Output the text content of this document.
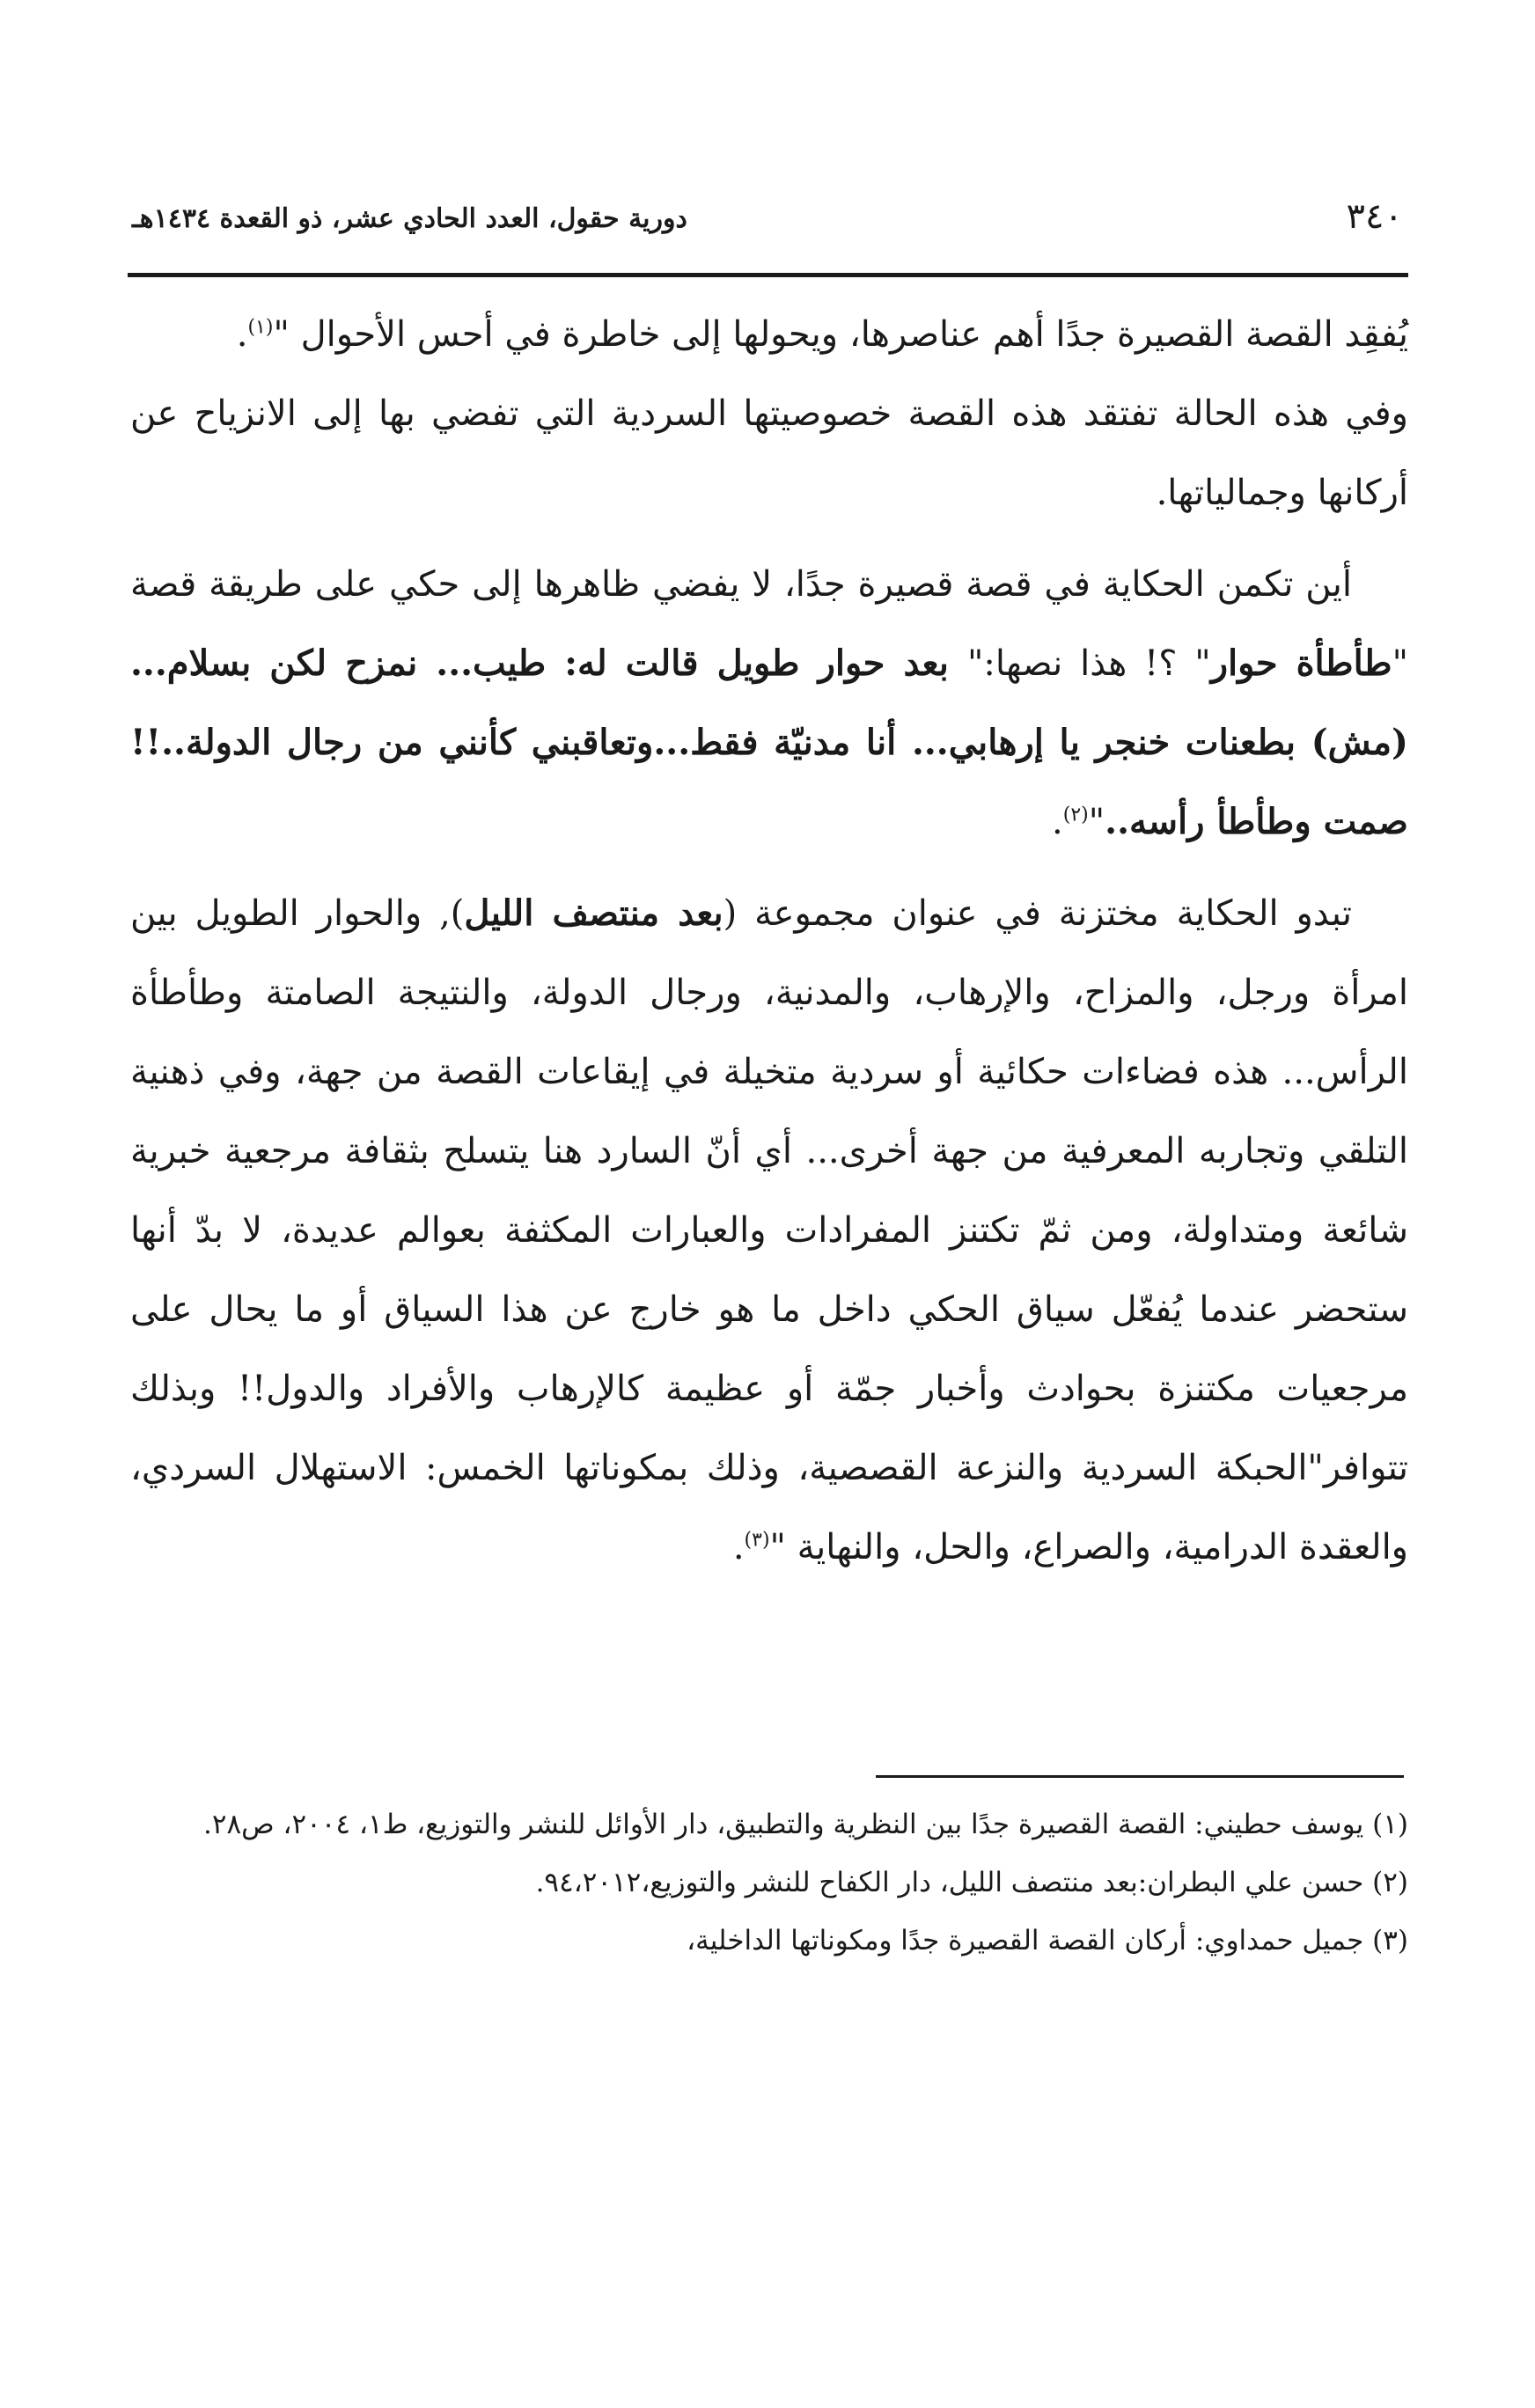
٣٤٠
دورية حقول، العدد الحادي عشر، ذو القعدة ١٤٣٤هـ

يُفقِد القصة القصيرة جدًا أهم عناصرها، ويحولها إلى خاطرة في أحس الأحوال "$^{(١)}$.
وفي هذه الحالة تفتقد هذه القصة خصوصيتها السردية التي تفضي بها إلى الانزياح عن أركانها وجمالياتها.

أين تكمن الحكاية في قصة قصيرة جدًا، لا يفضي ظاهرها إلى حكي على طريقة قصة "طأطأة حوار" ؟! هذا نصها:" بعد حوار طويل قالت له: طيب... نمزح لكن بسلام...(مش) بطعنات خنجر يا إرهابي... أنا مدنيّة فقط...وتعاقبني كأنني من رجال الدولة..!! صمت وطأطأ رأسه.."$^{(٢)}$.

تبدو الحكاية مختزنة في عنوان مجموعة (بعد منتصف الليل), والحوار الطويل بين امرأة ورجل، والمزاح، والإرهاب، والمدنية، ورجال الدولة، والنتيجة الصامتة وطأطأة الرأس... هذه فضاءات حكائية أو سردية متخيلة في إيقاعات القصة من جهة، وفي ذهنية التلقي وتجاربه المعرفية من جهة أخرى... أي أنّ السارد هنا يتسلح بثقافة مرجعية خبرية شائعة ومتداولة، ومن ثمّ تكتنز المفرادات والعبارات المكثفة بعوالم عديدة، لا بدّ أنها ستحضر عندما يُفعّل سياق الحكي داخل ما هو خارج عن هذا السياق أو ما يحال على مرجعيات مكتنزة بحوادث وأخبار جمّة أو عظيمة كالإرهاب والأفراد والدول!! وبذلك تتوافر"الحبكة السردية والنزعة القصصية، وذلك بمكوناتها الخمس: الاستهلال السردي، والعقدة الدرامية، والصراع، والحل، والنهاية "$^{(٣)}$.

(١) يوسف حطيني: القصة القصيرة جدًا بين النظرية والتطبيق، دار الأوائل للنشر والتوزيع، ط١، ٢٠٠٤، ص٢٨.

(٢) حسن علي البطران:بعد منتصف الليل، دار الكفاح للنشر والتوزيع،٩٤،٢٠١٢.

(٣) جميل حمداوي: أركان القصة القصيرة جدًا ومكوناتها الداخلية،
